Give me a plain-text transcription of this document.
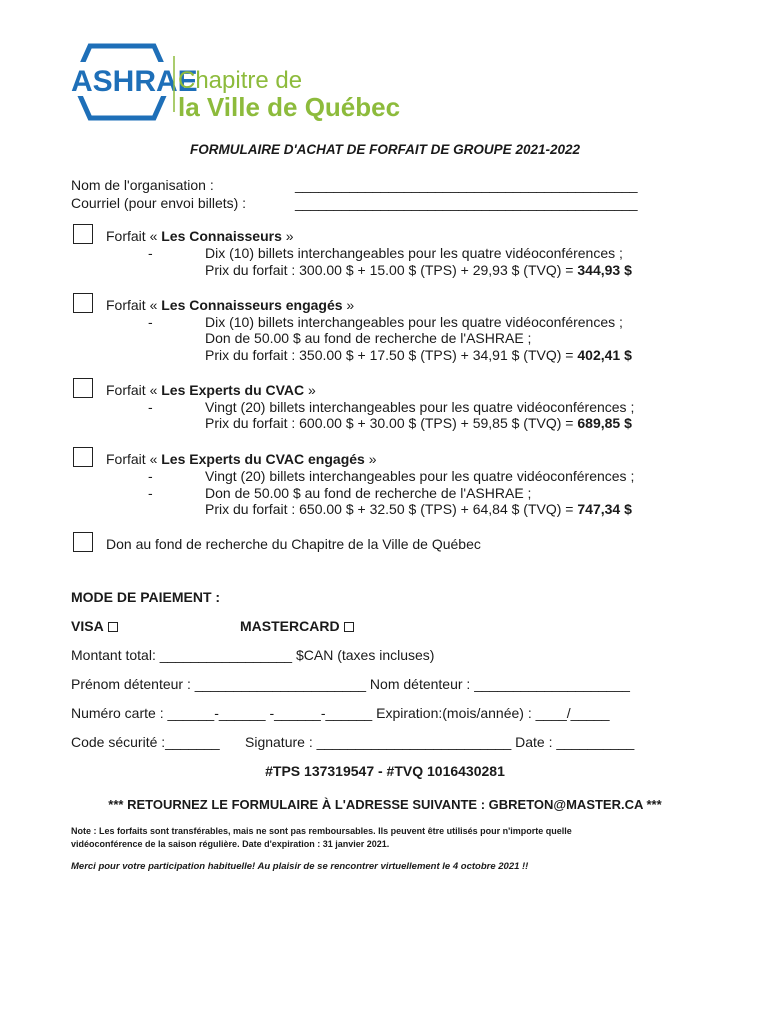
ASHRAE
Chapitre de
la Ville de Québec
FORMULAIRE D'ACHAT DE FORFAIT DE GROUPE 2021-2022
Nom de l'organisation :	____________________________________________
Courriel (pour envoi billets) :	____________________________________________
Forfait « Les Connaisseurs »
-	Dix (10) billets interchangeables pour les quatre vidéoconférences ;
Prix du forfait : 300.00 $ + 15.00 $ (TPS) + 29,93 $ (TVQ) = 344,93 $
Forfait « Les Connaisseurs engagés »
-	Dix (10) billets interchangeables pour les quatre vidéoconférences ;
Don de 50.00 $ au fond de recherche de l'ASHRAE ;
Prix du forfait : 350.00 $ + 17.50 $ (TPS) + 34,91 $ (TVQ) = 402,41 $
Forfait « Les Experts du CVAC »
-	Vingt (20) billets interchangeables pour les quatre vidéoconférences ;
Prix du forfait : 600.00 $ + 30.00 $ (TPS) + 59,85 $ (TVQ) = 689,85 $
Forfait « Les Experts du CVAC engagés »
-	Vingt (20) billets interchangeables pour les quatre vidéoconférences ;
-	Don de 50.00 $ au fond de recherche de l'ASHRAE ;
Prix du forfait : 650.00 $ + 32.50 $ (TPS) + 64,84 $ (TVQ) = 747,34 $
Don au fond de recherche du Chapitre de la Ville de Québec
MODE DE PAIEMENT :
VISA	MASTERCARD
Montant total: _________________ $CAN (taxes incluses)
Prénom détenteur : ______________________ Nom détenteur : ____________________
Numéro carte : ______-______ -______-______ Expiration:(mois/année) : ____/_____
Code sécurité :_______ Signature : _________________________ Date : __________
#TPS 137319547 - #TVQ 1016430281
*** RETOURNEZ LE FORMULAIRE À L'ADRESSE SUIVANTE : GBRETON@MASTER.CA ***
Note : Les forfaits sont transférables, mais ne sont pas remboursables. Ils peuvent être utilisés pour n'importe quelle
vidéoconférence de la saison régulière. Date d'expiration : 31 janvier 2021.
Merci pour votre participation habituelle! Au plaisir de se rencontrer virtuellement le 4 octobre 2021 !!
